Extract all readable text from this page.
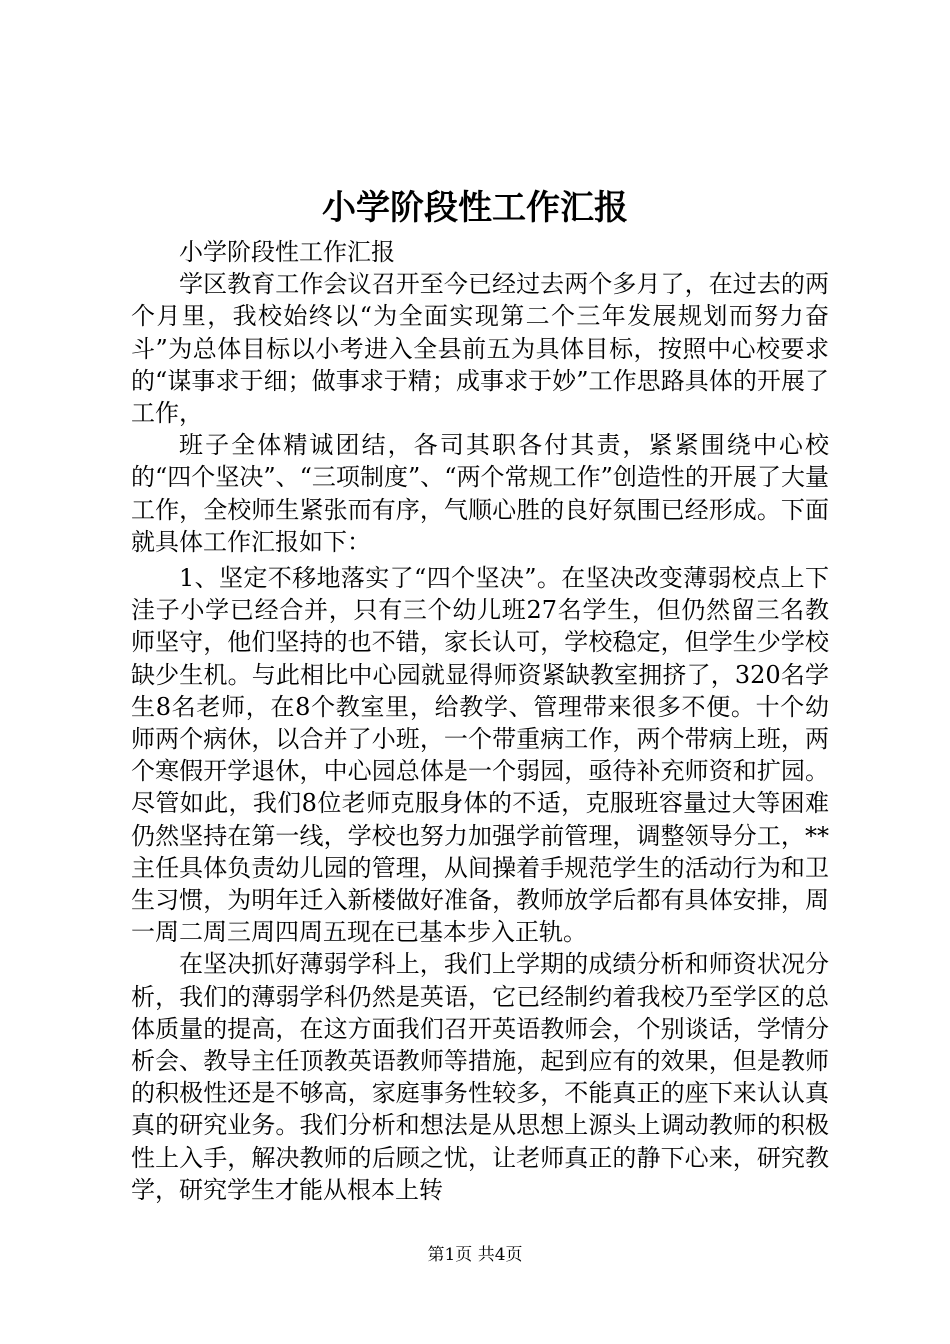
小学阶段性工作汇报

小学阶段性工作汇报

学区教育工作会议召开至今已经过去两个多月了，在过去的两个月里，我校始终以“为全面实现第二个三年发展规划而努力奋斗”为总体目标以小考进入全县前五为具体目标，按照中心校要求的“谋事求于细；做事求于精；成事求于妙”工作思路具体的开展了工作，

班子全体精诚团结，各司其职各付其责，紧紧围绕中心校的“四个坚决”、“三项制度”、“两个常规工作”创造性的开展了大量工作，全校师生紧张而有序，气顺心胜的良好氛围已经形成。下面就具体工作汇报如下：

1、坚定不移地落实了“四个坚决”。在坚决改变薄弱校点上下洼子小学已经合并，只有三个幼儿班27名学生，但仍然留三名教师坚守，他们坚持的也不错，家长认可，学校稳定，但学生少学校缺少生机。与此相比中心园就显得师资紧缺教室拥挤了，320名学生8名老师，在8个教室里，给教学、管理带来很多不便。十个幼师两个病休，以合并了小班，一个带重病工作，两个带病上班，两个寒假开学退休，中心园总体是一个弱园，亟待补充师资和扩园。尽管如此，我们8位老师克服身体的不适，克服班容量过大等困难仍然坚持在第一线，学校也努力加强学前管理，调整领导分工，**主任具体负责幼儿园的管理，从间操着手规范学生的活动行为和卫生习惯，为明年迁入新楼做好准备，教师放学后都有具体安排，周一周二周三周四周五现在已基本步入正轨。

在坚决抓好薄弱学科上，我们上学期的成绩分析和师资状况分析，我们的薄弱学科仍然是英语，它已经制约着我校乃至学区的总体质量的提高，在这方面我们召开英语教师会，个别谈话，学情分析会、教导主任顶教英语教师等措施，起到应有的效果，但是教师的积极性还是不够高，家庭事务性较多，不能真正的座下来认认真真的研究业务。我们分析和想法是从思想上源头上调动教师的积极性上入手，解决教师的后顾之忧，让老师真正的静下心来，研究教学，研究学生才能从根本上转

第1页 共4页
